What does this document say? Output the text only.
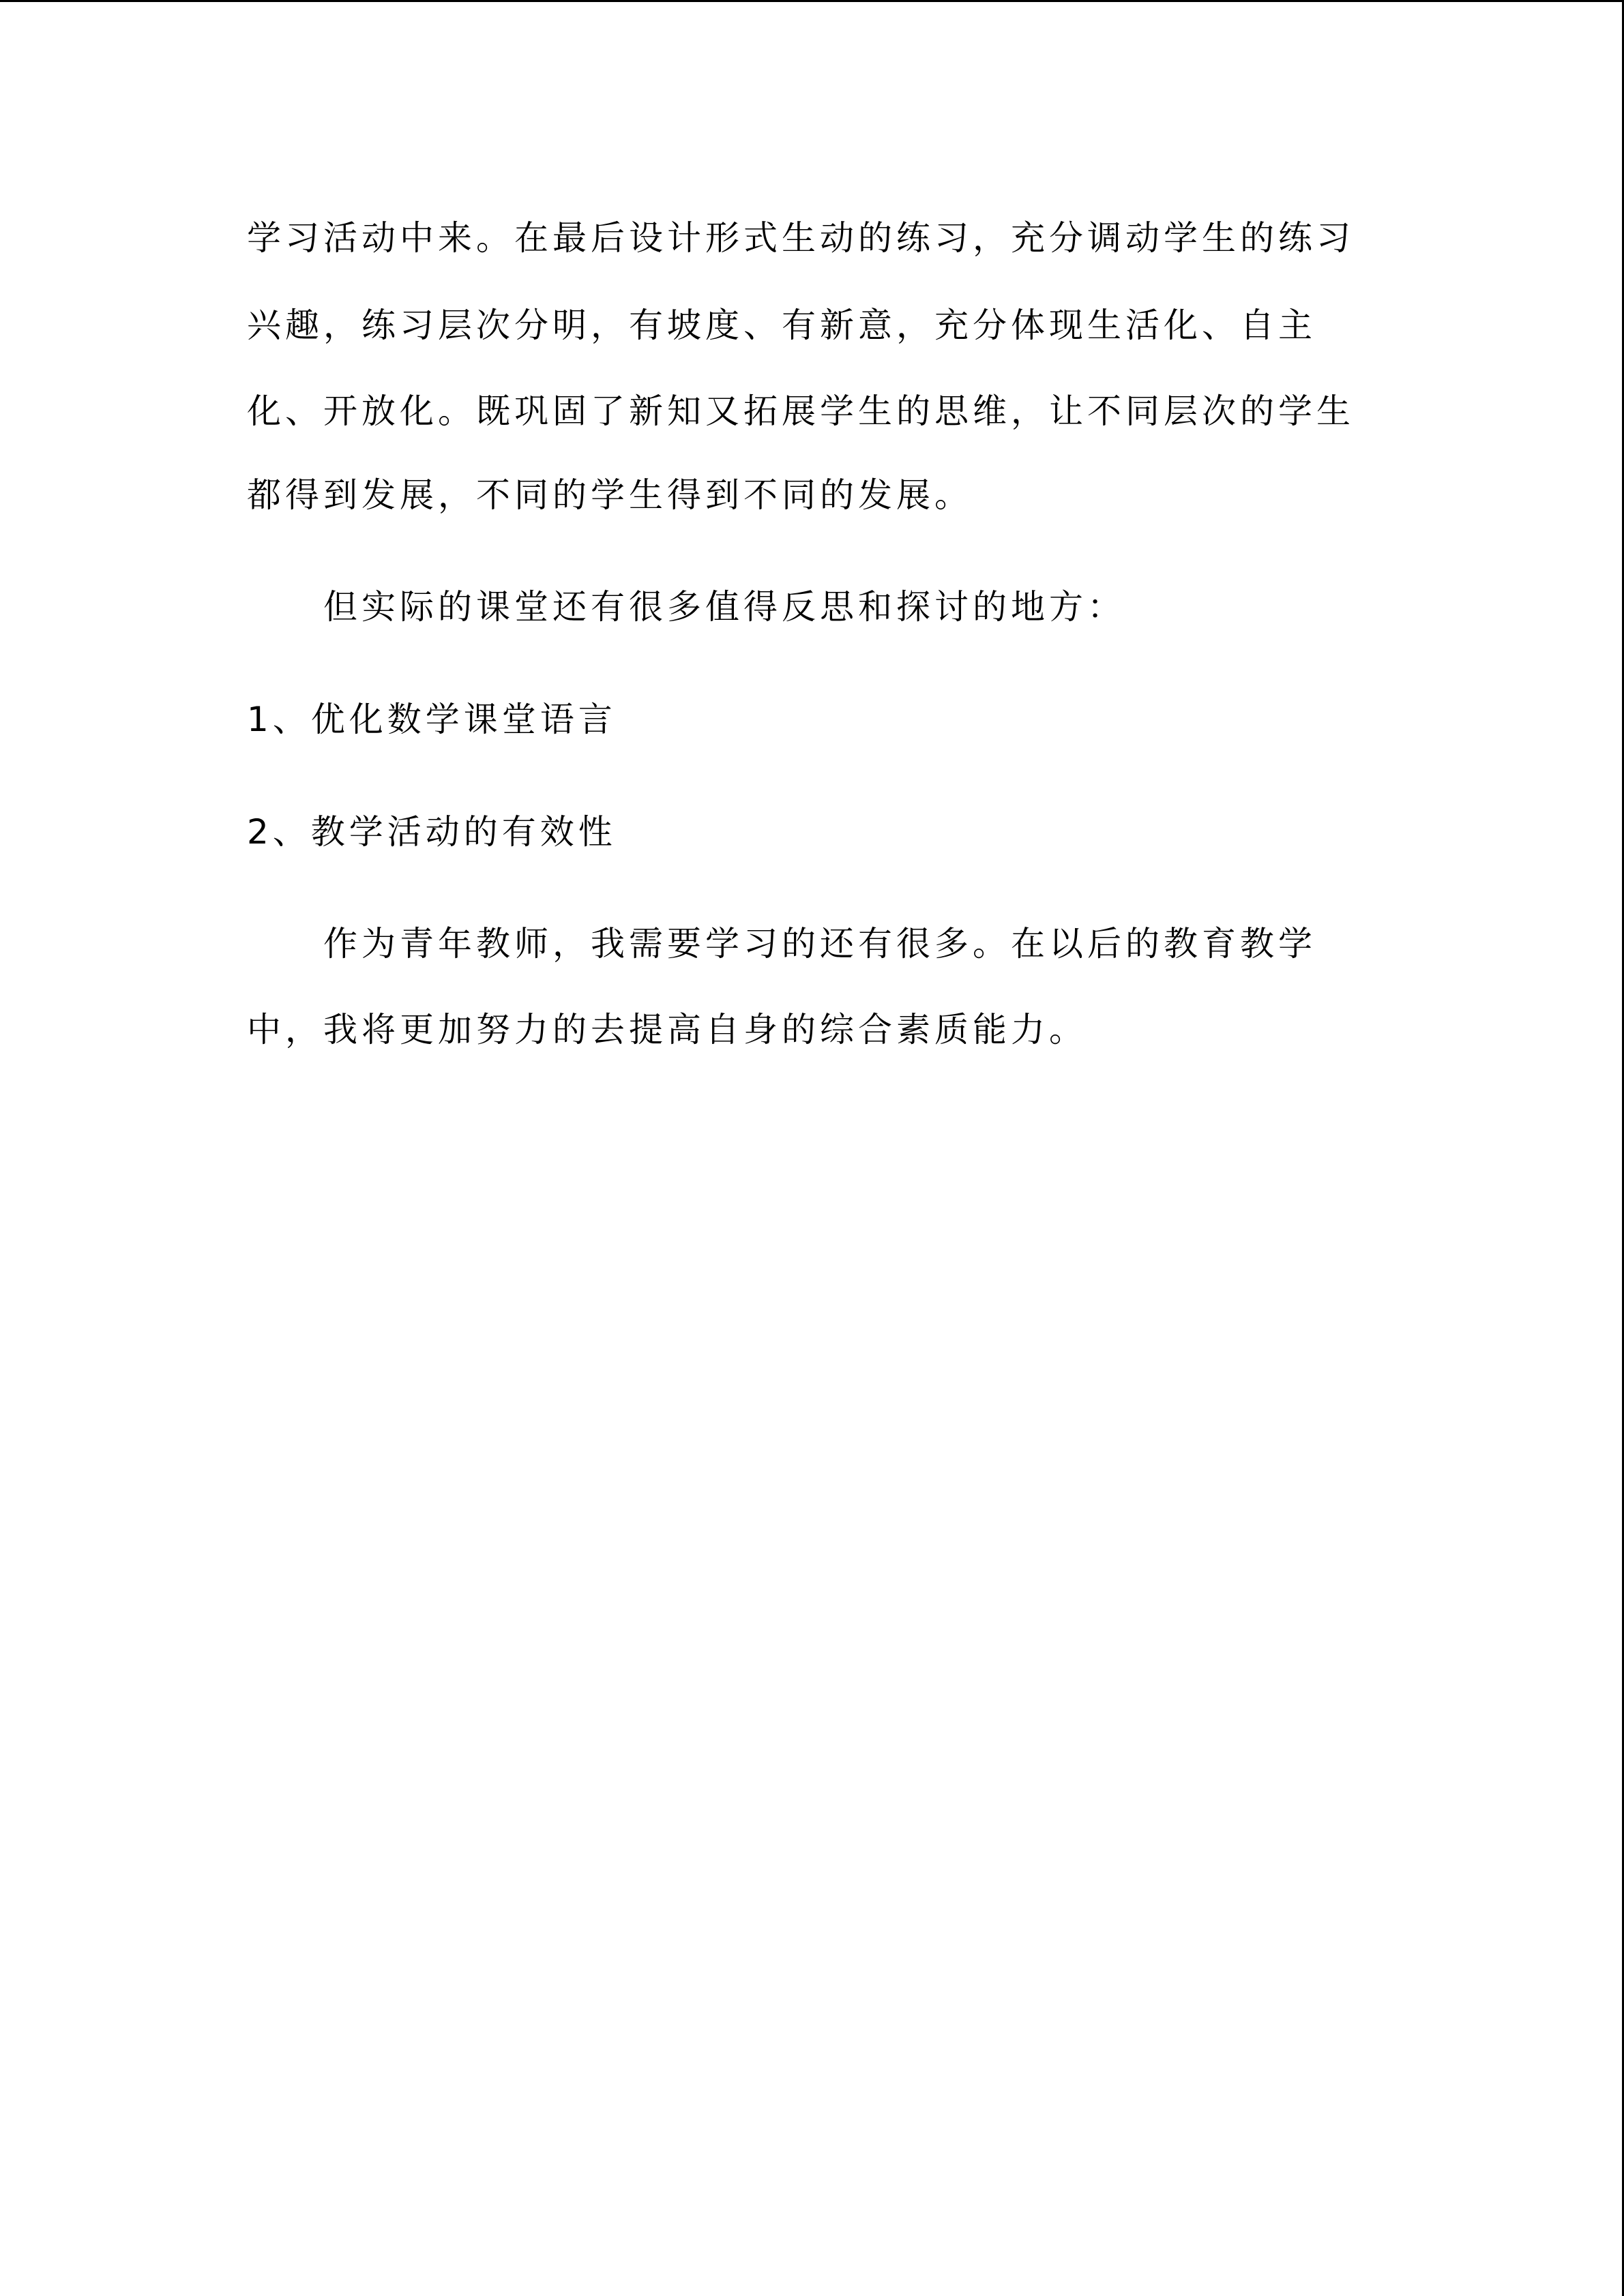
学习活动中来。在最后设计形式生动的练习，充分调动学生的练习
兴趣，练习层次分明，有坡度、有新意，充分体现生活化、自主
化、开放化。既巩固了新知又拓展学生的思维，让不同层次的学生
都得到发展，不同的学生得到不同的发展。
但实际的课堂还有很多值得反思和探讨的地方：
1、优化数学课堂语言
2、教学活动的有效性
作为青年教师，我需要学习的还有很多。在以后的教育教学
中，我将更加努力的去提高自身的综合素质能力。
